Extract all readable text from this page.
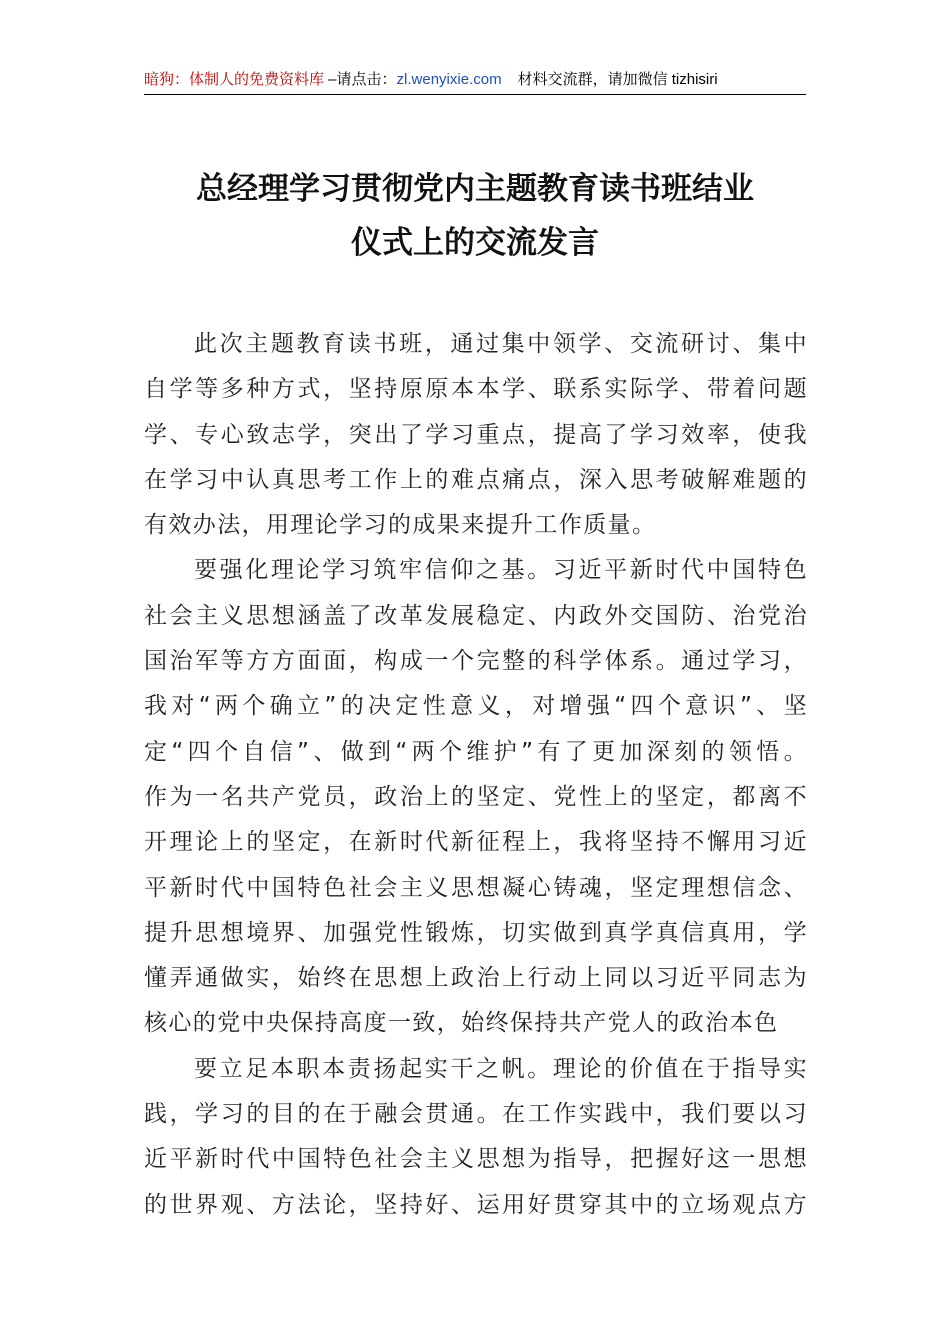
暗狗：体制人的免费资料库 –请点击：zl.wenyixie.com 材料交流群，请加微信 tizhisiri
总经理学习贯彻党内主题教育读书班结业
仪式上的交流发言
此次主题教育读书班，通过集中领学、交流研讨、集中
自学等多种方式，坚持原原本本学、联系实际学、带着问题
学、专心致志学，突出了学习重点，提高了学习效率，使我
在学习中认真思考工作上的难点痛点，深入思考破解难题的
有效办法，用理论学习的成果来提升工作质量。
要强化理论学习筑牢信仰之基。习近平新时代中国特色
社会主义思想涵盖了改革发展稳定、内政外交国防、治党治
国治军等方方面面，构成一个完整的科学体系。通过学习，
我对“两个确立”的决定性意义，对增强“四个意识”、坚
定“四个自信”、做到“两个维护”有了更加深刻的领悟。
作为一名共产党员，政治上的坚定、党性上的坚定，都离不
开理论上的坚定，在新时代新征程上，我将坚持不懈用习近
平新时代中国特色社会主义思想凝心铸魂，坚定理想信念、
提升思想境界、加强党性锻炼，切实做到真学真信真用，学
懂弄通做实，始终在思想上政治上行动上同以习近平同志为
核心的党中央保持高度一致，始终保持共产党人的政治本色
要立足本职本责扬起实干之帆。理论的价值在于指导实
践，学习的目的在于融会贯通。在工作实践中，我们要以习
近平新时代中国特色社会主义思想为指导，把握好这一思想
的世界观、方法论，坚持好、运用好贯穿其中的立场观点方
